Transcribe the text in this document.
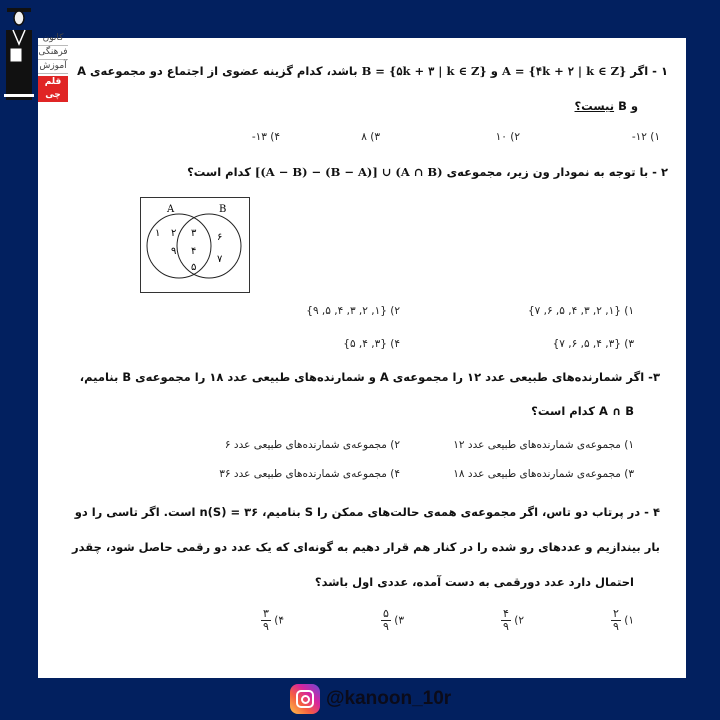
کانون
فرهنگی
آموزش
قلم چی
۱ - اگر A = {۴k + ۲ | k ∈ Z} و B = {۵k + ۳ | k ∈ Z} باشد، کدام گزینه عضوی از اجتماع دو مجموعه‌ی A
و B نیست؟
۱) ۱۲-
۲) ۱۰
۳) ۸
۴) ۱۳-
۲ - با توجه به نمودار ون زیر، مجموعه‌ی [(A − B) − (B − A)] ∪ (A ∩ B) کدام است؟
A	B
۱ ۲
۹
۳
۴
۵
۶
۷
۱) {۱, ۲, ۳, ۴, ۵, ۶, ۷}
۲) {۱, ۲, ۳, ۴, ۵, ۹}
۳) {۳, ۴, ۵, ۶, ۷}
۴) {۳, ۴, ۵}
۳- اگر شمارنده‌های طبیعی عدد ۱۲ را مجموعه‌ی A و شمارنده‌های طبیعی عدد ۱۸ را مجموعه‌ی B بنامیم،
A ∩ B کدام است؟
۱) مجموعه‌ی شمارنده‌های طبیعی عدد ۱۲
۲) مجموعه‌ی شمارنده‌های طبیعی عدد ۶
۳) مجموعه‌ی شمارنده‌های طبیعی عدد ۱۸
۴) مجموعه‌ی شمارنده‌های طبیعی عدد ۳۶
۴ - در پرتاب دو تاس، اگر مجموعه‌ی همه‌ی حالت‌های ممکن را S بنامیم، n(S) = ۳۶ است. اگر تاسی را دو
بار بیندازیم و عددهای رو شده را در کنار هم قرار دهیم به گونه‌ای که یک عدد دو رقمی حاصل شود، چقدر
احتمال دارد عدد دورقمی به دست آمده، عددی اول باشد؟
۱)
$\frac{۲}{۹}$
۲)
$\frac{۴}{۹}$
۳)
$\frac{۵}{۹}$
۴)
$\frac{۳}{۹}$
@kanoon_10r
